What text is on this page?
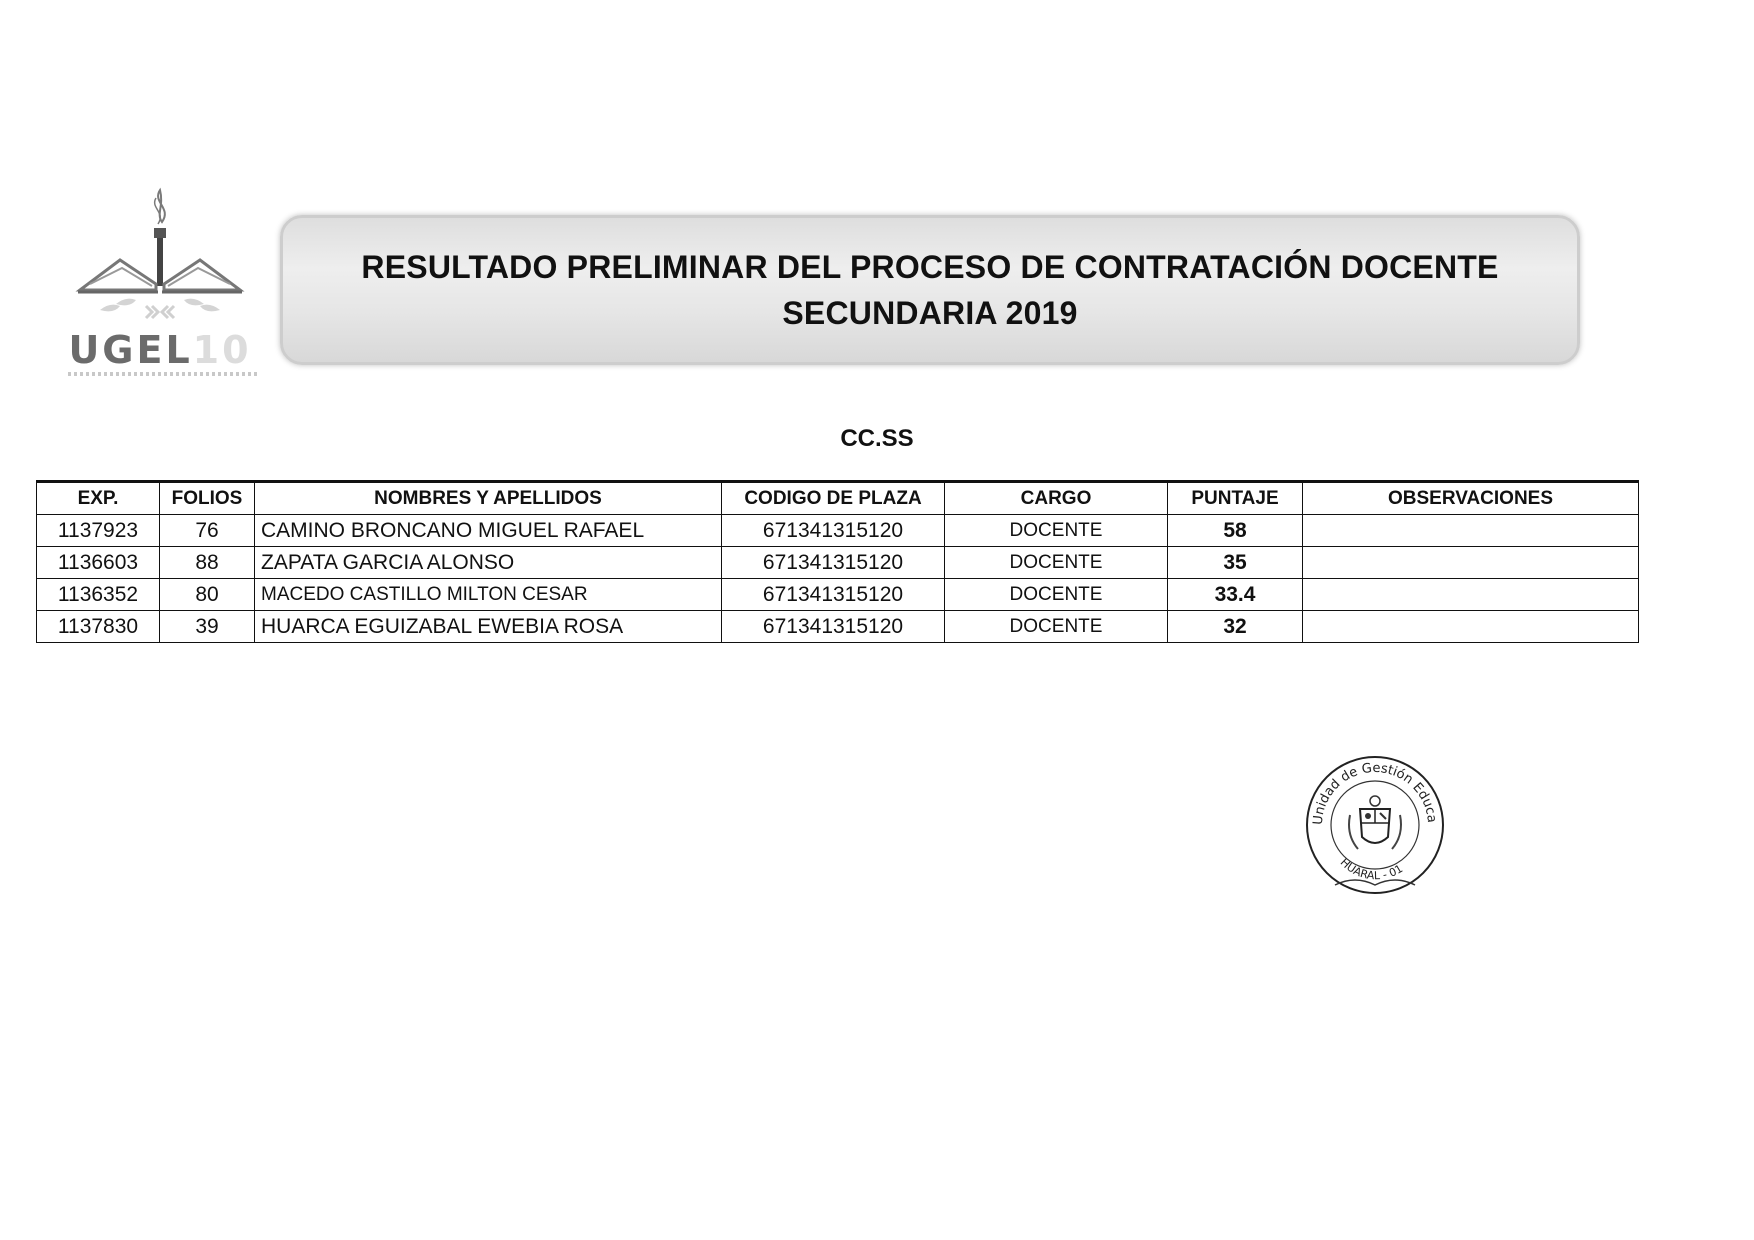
UGEL10
RESULTADO PRELIMINAR DEL PROCESO DE CONTRATACIÓN DOCENTE
SECUNDARIA 2019
CC.SS
EXP.	FOLIOS	NOMBRES Y APELLIDOS	CODIGO DE PLAZA	CARGO	PUNTAJE	OBSERVACIONES
1137923	76	CAMINO BRONCANO MIGUEL RAFAEL	671341315120	DOCENTE	58	
1136603	88	ZAPATA GARCIA ALONSO	671341315120	DOCENTE	35	
1136352	80	MACEDO CASTILLO MILTON CESAR	671341315120	DOCENTE	33.4	
1137830	39	HUARCA EGUIZABAL EWEBIA ROSA	671341315120	DOCENTE	32	
Unidad de Gestión Educa
HUARAL - 01
